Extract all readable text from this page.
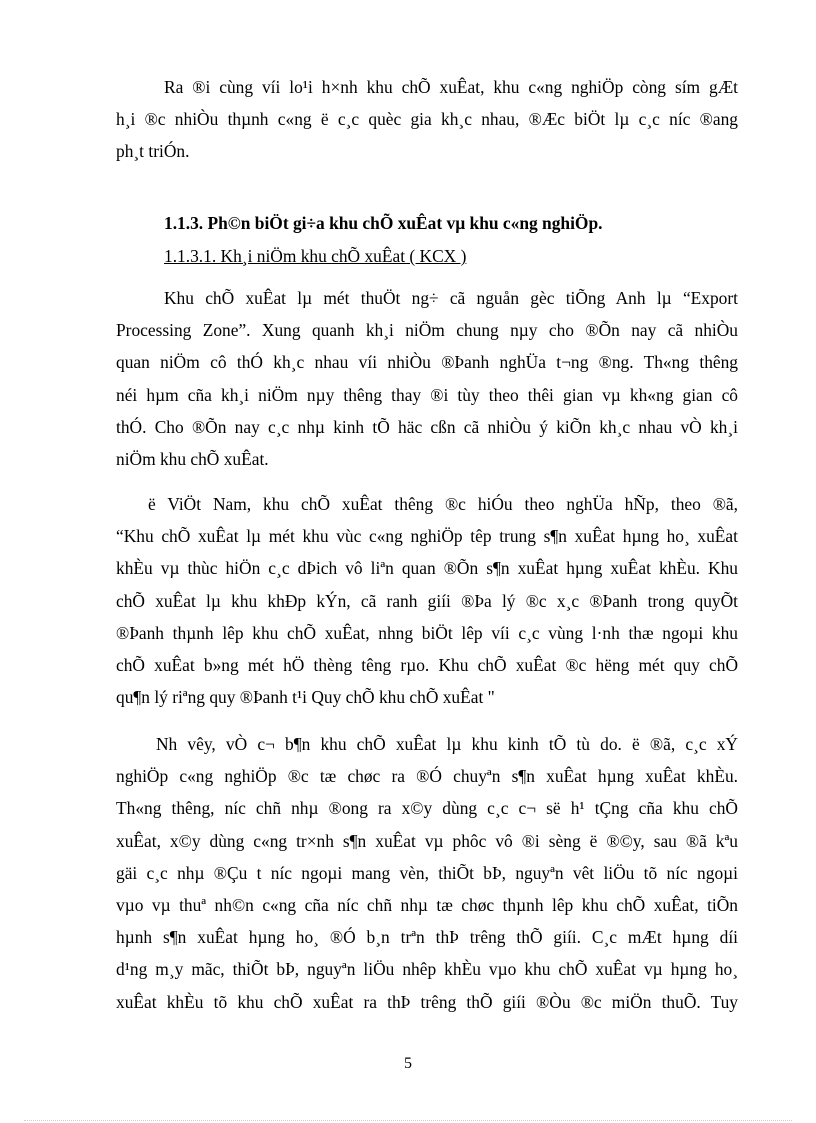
Ra ®i cùng víi lo¹i h×nh khu chÕ xuÊat, khu c«ng nghiÖp còng sím gÆt
h¸i ®c nhiÒu thµnh c«ng ë c¸c quèc gia kh¸c nhau, ®Æc biÖt lµ c¸c níc ®ang
ph¸t triÓn.
1.1.3. Ph©n biÖt gi÷a khu chÕ xuÊat vµ khu c«ng nghiÖp.
1.1.3.1. Kh¸i niÖm khu chÕ xuÊat ( KCX )
Khu chÕ xuÊat lµ mét thuÖt ng÷ cã nguån gèc tiÕng Anh lµ “Export
Processing Zone”. Xung quanh kh¸i niÖm chung nµy cho ®Õn nay cã nhiÒu
quan niÖm cô thÓ kh¸c nhau víi nhiÒu ®Þanh nghÜa t¬ng ®ng. Th«ng thêng
néi hµm cña kh¸i niÖm nµy thêng thay ®i tùy theo thêi gian vµ kh«ng gian cô
thÓ. Cho ®Õn nay c¸c nhµ kinh tÕ häc cßn cã nhiÒu ý kiÕn kh¸c nhau vÒ kh¸i
niÖm khu chÕ xuÊat.
ë ViÖt Nam, khu chÕ xuÊat thêng ®c hiÓu theo nghÜa hÑp, theo ®ã,
“Khu chÕ xuÊat lµ mét khu vùc c«ng nghiÖp têp trung s¶n xuÊat hµng ho¸ xuÊat
khÈu vµ thùc hiÖn c¸c dÞich vô liªn quan ®Õn s¶n xuÊat hµng xuÊat khÈu. Khu
chÕ xuÊat lµ khu khÐp kÝn, cã ranh giíi ®Þa lý ®c x¸c ®Þanh trong quyÕt
®Þanh thµnh lêp khu chÕ xuÊat, nhng biÖt lêp víi c¸c vùng l·nh thæ ngoµi khu
chÕ xuÊat b»ng mét hÖ thèng têng rµo. Khu chÕ xuÊat ®c hëng mét quy chÕ
qu¶n lý riªng quy ®Þanh t¹i Quy chÕ khu chÕ xuÊat "
Nh vêy, vÒ c¬ b¶n khu chÕ xuÊat lµ khu kinh tÕ tù do. ë ®ã, c¸c xÝ
nghiÖp c«ng nghiÖp ®c tæ chøc ra ®Ó chuyªn s¶n xuÊat hµng xuÊat khÈu.
Th«ng thêng, níc chñ nhµ ®ong ra x©y dùng c¸c c¬ së h¹ tÇng cña khu chÕ
xuÊat, x©y dùng c«ng tr×nh s¶n xuÊat vµ phôc vô ®i sèng ë ®©y, sau ®ã kªu
gäi c¸c nhµ ®Çu t níc ngoµi mang vèn, thiÕt bÞ, nguyªn vêt liÖu tõ níc ngoµi
vµo vµ thuª nh©n c«ng cña níc chñ nhµ tæ chøc thµnh lêp khu chÕ xuÊat, tiÕn
hµnh s¶n xuÊat hµng ho¸ ®Ó b¸n trªn thÞ trêng thÕ giíi. C¸c mÆt hµng díi
d¹ng m¸y mãc, thiÕt bÞ, nguyªn liÖu nhêp khÈu vµo khu chÕ xuÊat vµ hµng ho¸
xuÊat khÈu tõ khu chÕ xuÊat ra thÞ trêng thÕ giíi ®Òu ®c miÖn thuÕ. Tuy
5
